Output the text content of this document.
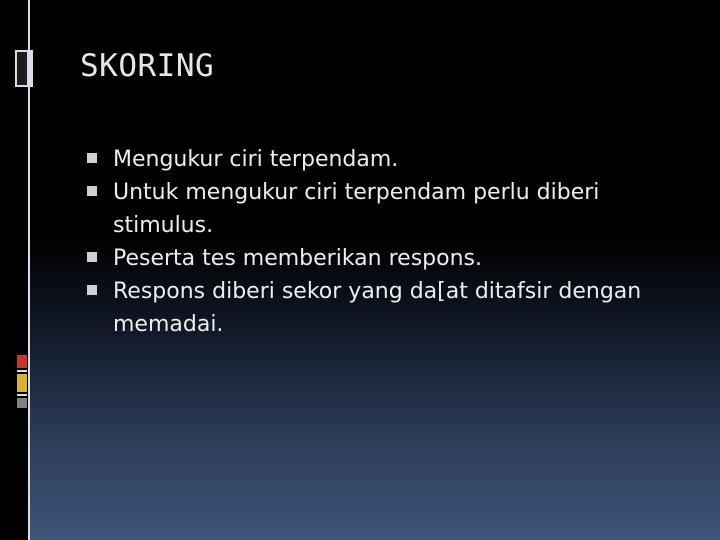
SKORING
Mengukur ciri terpendam.
Untuk mengukur ciri terpendam perlu diberi stimulus.
Peserta tes memberikan respons.
Respons diberi sekor yang da[at ditafsir dengan memadai.
